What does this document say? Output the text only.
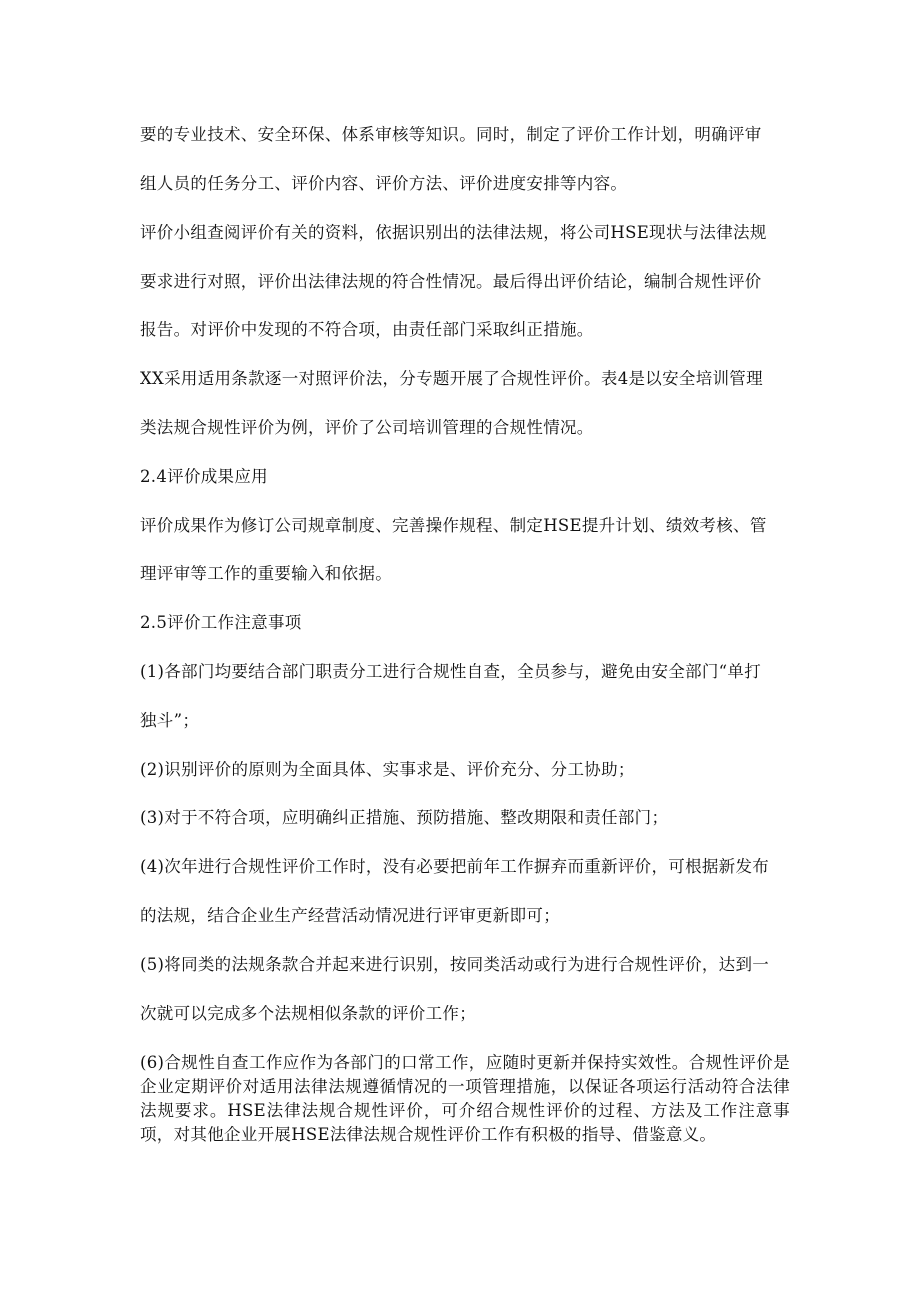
要的专业技术、安全环保、体系审核等知识。同时，制定了评价工作计划，明确评审

组人员的任务分工、评价内容、评价方法、评价进度安排等内容。

评价小组查阅评价有关的资料，依据识别出的法律法规，将公司HSE现状与法律法规

要求进行对照，评价出法律法规的符合性情况。最后得出评价结论，编制合规性评价

报告。对评价中发现的不符合项，由责任部门采取纠正措施。

XX采用适用条款逐一对照评价法，分专题开展了合规性评价。表4是以安全培训管理

类法规合规性评价为例，评价了公司培训管理的合规性情况。

2.4评价成果应用

评价成果作为修订公司规章制度、完善操作规程、制定HSE提升计划、绩效考核、管

理评审等工作的重要输入和依据。

2.5评价工作注意事项

(1)各部门均要结合部门职责分工进行合规性自查，全员参与，避免由安全部门“单打

独斗”；

(2)识别评价的原则为全面具体、实事求是、评价充分、分工协助；

(3)对于不符合项，应明确纠正措施、预防措施、整改期限和责任部门；

(4)次年进行合规性评价工作时，没有必要把前年工作摒弃而重新评价，可根据新发布

的法规，结合企业生产经营活动情况进行评审更新即可；

(5)将同类的法规条款合并起来进行识别，按同类活动或行为进行合规性评价，达到一

次就可以完成多个法规相似条款的评价工作；

(6)合规性自查工作应作为各部门的口常工作，应随时更新并保持实效性。合规性评价是企业定期评价对适用法律法规遵循情况的一项管理措施，以保证各项运行活动符合法律法规要求。HSE法律法规合规性评价，可介绍合规性评价的过程、方法及工作注意事项，对其他企业开展HSE法律法规合规性评价工作有积极的指导、借鉴意义。
